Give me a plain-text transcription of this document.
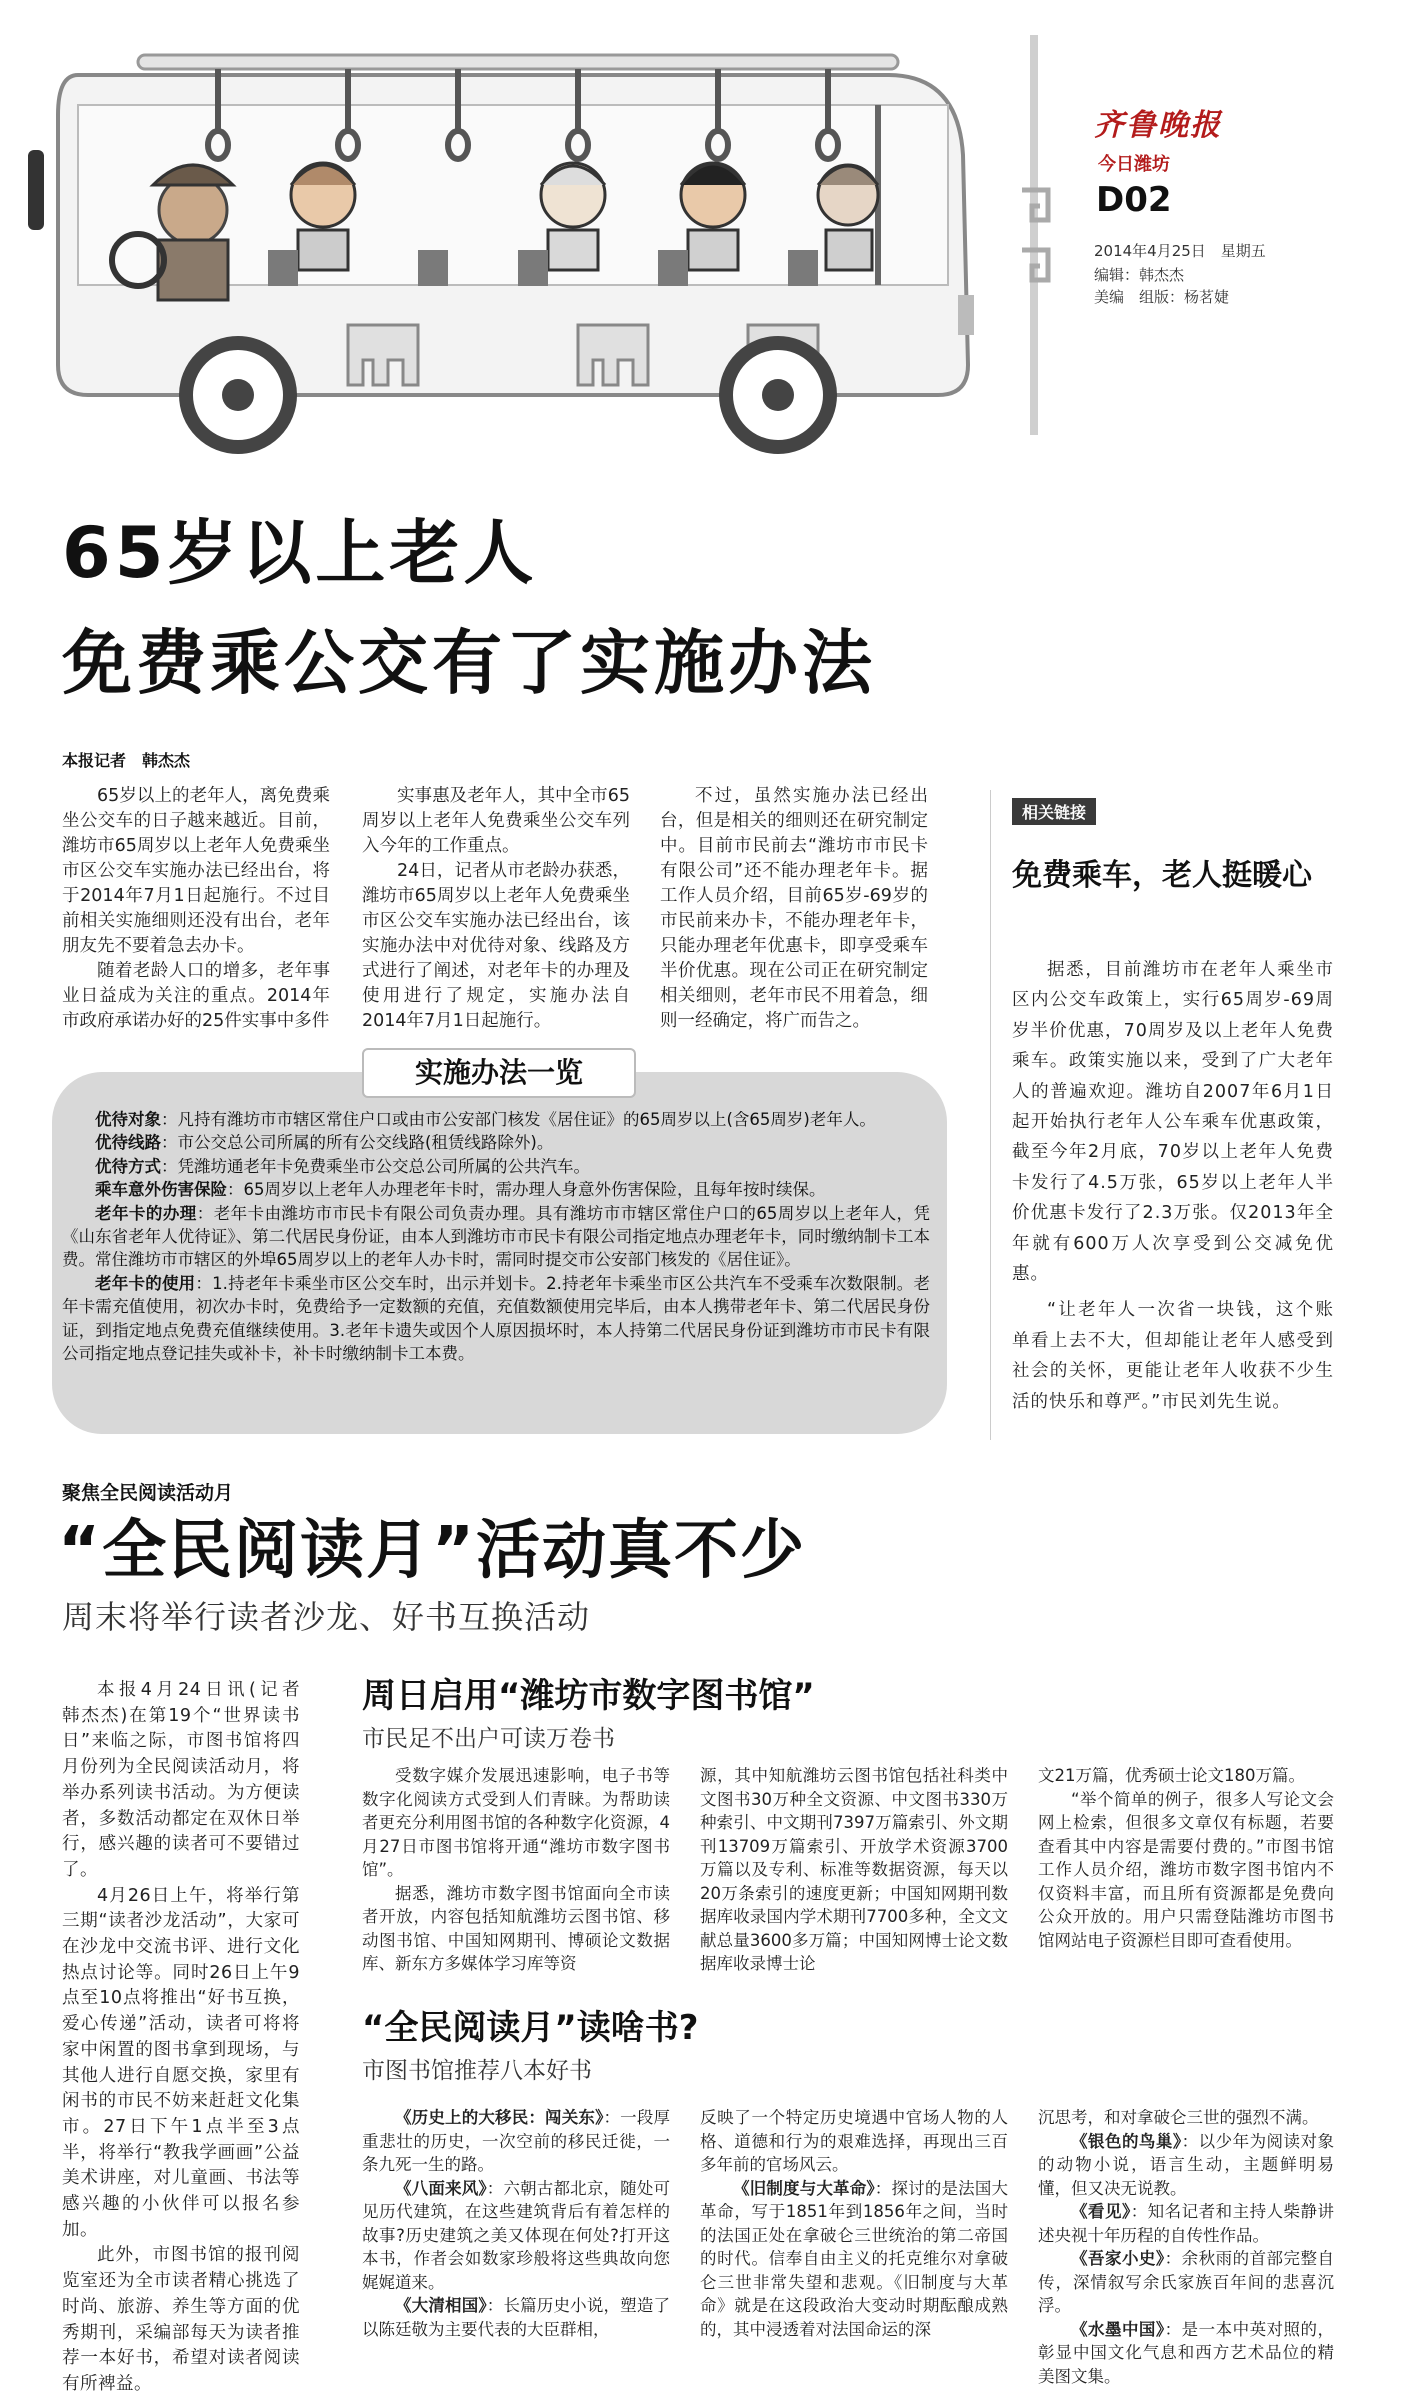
齐鲁晚报
今日潍坊
D02
2014年4月25日　星期五
编辑：韩杰杰
美编　组版：杨茗婕
65岁以上老人
免费乘公交有了实施办法
本报记者　韩杰杰

65岁以上的老年人，离免费乘坐公交车的日子越来越近。目前，潍坊市65周岁以上老年人免费乘坐市区公交车实施办法已经出台，将于2014年7月1日起施行。不过目前相关实施细则还没有出台，老年朋友先不要着急去办卡。

随着老龄人口的增多，老年事业日益成为关注的重点。2014年市政府承诺办好的25件实事中多件

实事惠及老年人，其中全市65周岁以上老年人免费乘坐公交车列入今年的工作重点。

24日，记者从市老龄办获悉，潍坊市65周岁以上老年人免费乘坐市区公交车实施办法已经出台，该实施办法中对优待对象、线路及方式进行了阐述，对老年卡的办理及使用进行了规定，实施办法自2014年7月1日起施行。

不过，虽然实施办法已经出台，但是相关的细则还在研究制定中。目前市民前去“潍坊市市民卡有限公司”还不能办理老年卡。据工作人员介绍，目前65岁-69岁的市民前来办卡，不能办理老年卡，只能办理老年优惠卡，即享受乘车半价优惠。现在公司正在研究制定相关细则，老年市民不用着急，细则一经确定，将广而告之。

实施办法一览

优待对象：凡持有潍坊市市辖区常住户口或由市公安部门核发《居住证》的65周岁以上(含65周岁)老年人。

优待线路：市公交总公司所属的所有公交线路(租赁线路除外)。

优待方式：凭潍坊通老年卡免费乘坐市公交总公司所属的公共汽车。

乘车意外伤害保险：65周岁以上老年人办理老年卡时，需办理人身意外伤害保险，且每年按时续保。

老年卡的办理：老年卡由潍坊市市民卡有限公司负责办理。具有潍坊市市辖区常住户口的65周岁以上老年人，凭《山东省老年人优待证》、第二代居民身份证，由本人到潍坊市市民卡有限公司指定地点办理老年卡，同时缴纳制卡工本费。常住潍坊市市辖区的外埠65周岁以上的老年人办卡时，需同时提交市公安部门核发的《居住证》。

老年卡的使用：1.持老年卡乘坐市区公交车时，出示并划卡。2.持老年卡乘坐市区公共汽车不受乘车次数限制。老年卡需充值使用，初次办卡时，免费给予一定数额的充值，充值数额使用完毕后，由本人携带老年卡、第二代居民身份证，到指定地点免费充值继续使用。3.老年卡遗失或因个人原因损坏时，本人持第二代居民身份证到潍坊市市民卡有限公司指定地点登记挂失或补卡，补卡时缴纳制卡工本费。

相关链接
免费乘车，老人挺暖心

据悉，目前潍坊市在老年人乘坐市区内公交车政策上，实行65周岁-69周岁半价优惠，70周岁及以上老年人免费乘车。政策实施以来，受到了广大老年人的普遍欢迎。潍坊自2007年6月1日起开始执行老年人公车乘车优惠政策，截至今年2月底，70岁以上老年人免费卡发行了4.5万张，65岁以上老年人半价优惠卡发行了2.3万张。仅2013年全年就有600万人次享受到公交减免优惠。

“让老年人一次省一块钱，这个账单看上去不大，但却能让老年人感受到社会的关怀，更能让老年人收获不少生活的快乐和尊严。”市民刘先生说。

聚焦全民阅读活动月
“全民阅读月”活动真不少
周末将举行读者沙龙、好书互换活动

本报4月24日讯(记者　韩杰杰)在第19个“世界读书日”来临之际，市图书馆将四月份列为全民阅读活动月，将举办系列读书活动。为方便读者，多数活动都定在双休日举行，感兴趣的读者可不要错过了。

4月26日上午，将举行第三期“读者沙龙活动”，大家可在沙龙中交流书评、进行文化热点讨论等。同时26日上午9点至10点将推出“好书互换，爱心传递”活动，读者可将将家中闲置的图书拿到现场，与其他人进行自愿交换，家里有闲书的市民不妨来赶赶文化集市。27日下午1点半至3点半，将举行“教我学画画”公益美术讲座，对儿童画、书法等感兴趣的小伙伴可以报名参加。

此外，市图书馆的报刊阅览室还为全市读者精心挑选了时尚、旅游、养生等方面的优秀期刊，采编部每天为读者推荐一本好书，希望对读者阅读有所裨益。

周日启用“潍坊市数字图书馆”
市民足不出户可读万卷书

受数字媒介发展迅速影响，电子书等数字化阅读方式受到人们青睐。为帮助读者更充分利用图书馆的各种数字化资源，4月27日市图书馆将开通“潍坊市数字图书馆”。

据悉，潍坊市数字图书馆面向全市读者开放，内容包括知航潍坊云图书馆、移动图书馆、中国知网期刊、博硕论文数据库、新东方多媒体学习库等资

源，其中知航潍坊云图书馆包括社科类中文图书30万种全文资源、中文图书330万种索引、中文期刊7397万篇索引、外文期刊13709万篇索引、开放学术资源3700万篇以及专利、标准等数据资源，每天以20万条索引的速度更新；中国知网期刊数据库收录国内学术期刊7700多种，全文文献总量3600多万篇；中国知网博士论文数据库收录博士论

文21万篇，优秀硕士论文180万篇。

“举个简单的例子，很多人写论文会网上检索，但很多文章仅有标题，若要查看其中内容是需要付费的。”市图书馆工作人员介绍，潍坊市数字图书馆内不仅资料丰富，而且所有资源都是免费向公众开放的。用户只需登陆潍坊市图书馆网站电子资源栏目即可查看使用。

“全民阅读月”读啥书?
市图书馆推荐八本好书

《历史上的大移民：闯关东》：一段厚重悲壮的历史，一次空前的移民迁徙，一条九死一生的路。

《八面来风》：六朝古都北京，随处可见历代建筑，在这些建筑背后有着怎样的故事?历史建筑之美又体现在何处?打开这本书，作者会如数家珍般将这些典故向您娓娓道来。

《大清相国》：长篇历史小说，塑造了以陈廷敬为主要代表的大臣群相，

反映了一个特定历史境遇中官场人物的人格、道德和行为的艰难选择，再现出三百多年前的官场风云。

《旧制度与大革命》：探讨的是法国大革命，写于1851年到1856年之间，当时的法国正处在拿破仑三世统治的第二帝国的时代。信奉自由主义的托克维尔对拿破仑三世非常失望和悲观。《旧制度与大革命》就是在这段政治大变动时期酝酿成熟的，其中浸透着对法国命运的深

沉思考，和对拿破仑三世的强烈不满。

《银色的鸟巢》：以少年为阅读对象的动物小说，语言生动，主题鲜明易懂，但又决无说教。

《看见》：知名记者和主持人柴静讲述央视十年历程的自传性作品。

《吾家小史》：余秋雨的首部完整自传，深情叙写余氏家族百年间的悲喜沉浮。

《水墨中国》：是一本中英对照的，彰显中国文化气息和西方艺术品位的精美图文集。
